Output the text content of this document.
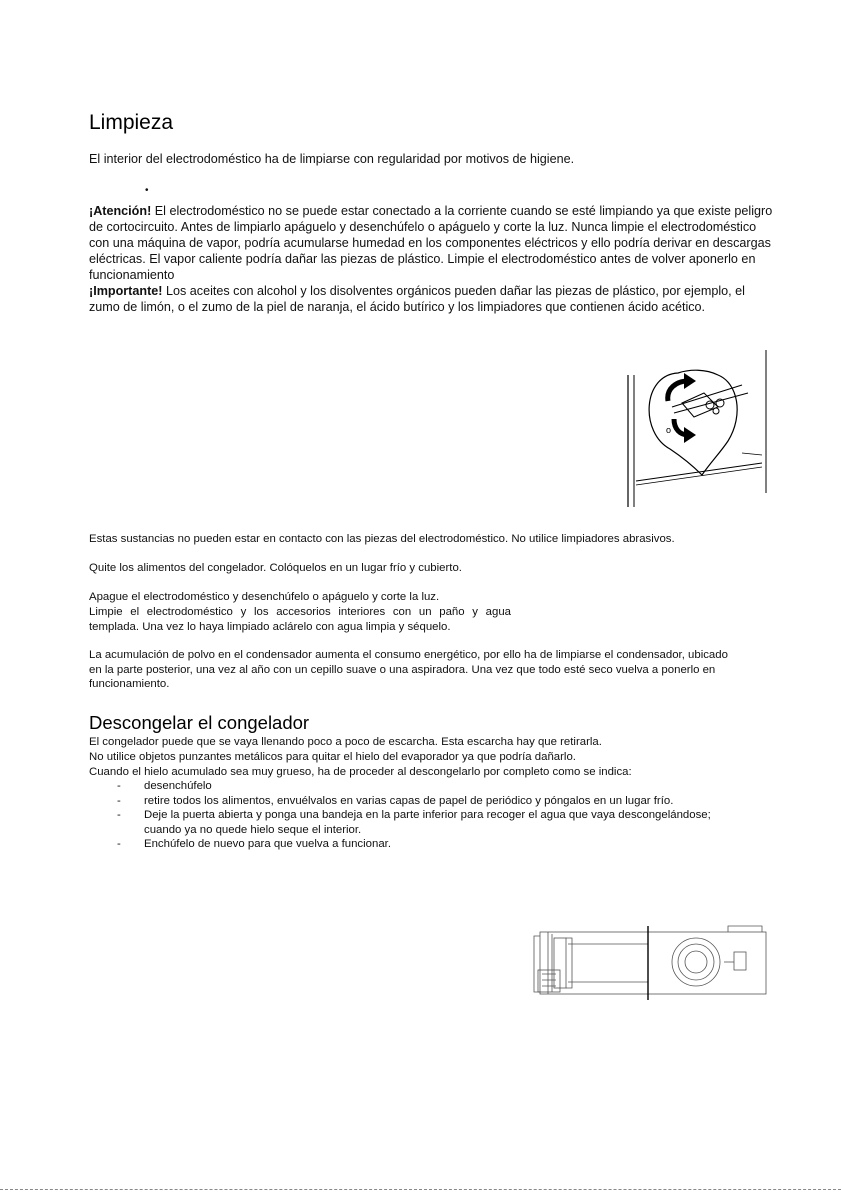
Limpieza

El interior del electrodoméstico ha de limpiarse con regularidad por motivos de higiene.

•

¡Atención! El electrodoméstico no se puede estar conectado a la corriente cuando se esté limpiando ya que existe peligro de cortocircuito. Antes de limpiarlo apáguelo y desenchúfelo o apáguelo y corte la luz. Nunca limpie el electrodoméstico con una máquina de vapor, podría acumularse humedad en los componentes eléctricos y ello podría derivar en descargas eléctricas. El vapor caliente podría dañar las piezas de plástico. Limpie el electrodoméstico antes de volver aponerlo en funcionamiento
¡Importante! Los aceites con alcohol y los disolventes orgánicos pueden dañar las piezas de plástico, por ejemplo, el zumo de limón, o el zumo de la piel de naranja, el ácido butírico y los limpiadores que contienen ácido acético.

o

Estas sustancias no pueden estar en contacto con las piezas del electrodoméstico. No utilice limpiadores abrasivos.

Quite los alimentos del congelador. Colóquelos en un lugar frío y cubierto.

Apague el electrodoméstico y desenchúfelo o apáguelo y corte la luz.

Limpie el electrodoméstico y los accesorios interiores con un paño y agua templada. Una vez lo haya limpiado aclárelo con agua limpia y séquelo.

La acumulación de polvo en el condensador aumenta el consumo energético, por ello ha de limpiarse el condensador, ubicado en la parte posterior, una vez al año con un cepillo suave o una aspiradora. Una vez que todo esté seco vuelva a ponerlo en funcionamiento.

Descongelar el congelador

El congelador puede que se vaya llenando poco a poco de escarcha. Esta escarcha hay que retirarla.

No utilice objetos punzantes metálicos para quitar el hielo del evaporador ya que podría dañarlo.

Cuando el hielo acumulado sea muy grueso, ha de proceder al descongelarlo por completo como se indica:

- desenchúfelo
- retire todos los alimentos, envuélvalos en varias capas de papel de periódico y póngalos en un lugar frío.
- Deje la puerta abierta y ponga una bandeja en la parte inferior para recoger el agua que vaya descongelándose; cuando ya no quede hielo seque el interior.
- Enchúfelo de nuevo para que vuelva a funcionar.
